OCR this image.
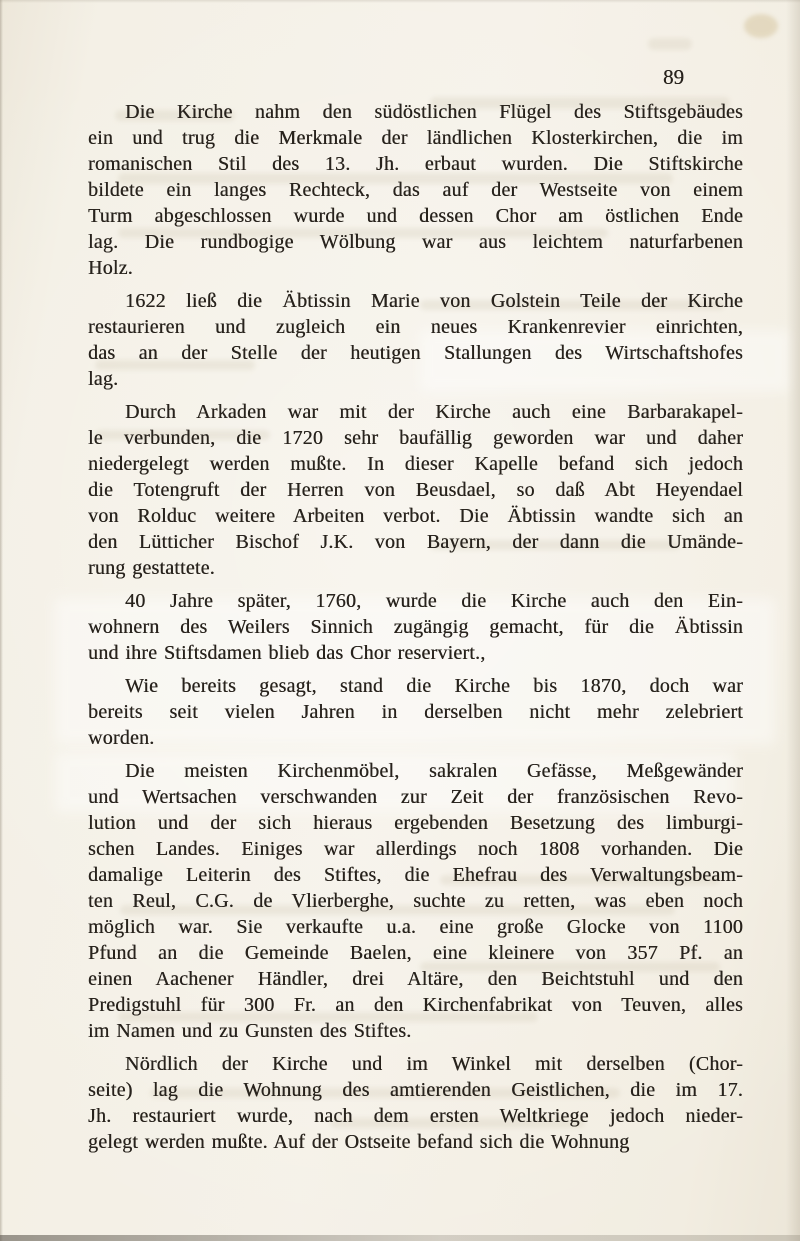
89
Die Kirche nahm den südöstlichen Flügel des Stiftsgebäudes
ein und trug die Merkmale der ländlichen Klosterkirchen, die im
romanischen Stil des 13. Jh. erbaut wurden. Die Stiftskirche
bildete ein langes Rechteck, das auf der Westseite von einem
Turm abgeschlossen wurde und dessen Chor am östlichen Ende
lag. Die rundbogige Wölbung war aus leichtem naturfarbenen
Holz.
1622 ließ die Äbtissin Marie von Golstein Teile der Kirche
restaurieren und zugleich ein neues Krankenrevier einrichten,
das an der Stelle der heutigen Stallungen des Wirtschaftshofes
lag.
Durch Arkaden war mit der Kirche auch eine Barbarakapel-
le verbunden, die 1720 sehr baufällig geworden war und daher
niedergelegt werden mußte. In dieser Kapelle befand sich jedoch
die Totengruft der Herren von Beusdael, so daß Abt Heyendael
von Rolduc weitere Arbeiten verbot. Die Äbtissin wandte sich an
den Lütticher Bischof J.K. von Bayern, der dann die Umände-
rung gestattete.
40 Jahre später, 1760, wurde die Kirche auch den Ein-
wohnern des Weilers Sinnich zugängig gemacht, für die Äbtissin
und ihre Stiftsdamen blieb das Chor reserviert.,
Wie bereits gesagt, stand die Kirche bis 1870, doch war
bereits seit vielen Jahren in derselben nicht mehr zelebriert
worden.
Die meisten Kirchenmöbel, sakralen Gefässe, Meßgewänder
und Wertsachen verschwanden zur Zeit der französischen Revo-
lution und der sich hieraus ergebenden Besetzung des limburgi-
schen Landes. Einiges war allerdings noch 1808 vorhanden. Die
damalige Leiterin des Stiftes, die Ehefrau des Verwaltungsbeam-
ten Reul, C.G. de Vlierberghe, suchte zu retten, was eben noch
möglich war. Sie verkaufte u.a. eine große Glocke von 1100
Pfund an die Gemeinde Baelen, eine kleinere von 357 Pf. an
einen Aachener Händler, drei Altäre, den Beichtstuhl und den
Predigstuhl für 300 Fr. an den Kirchenfabrikat von Teuven, alles
im Namen und zu Gunsten des Stiftes.
Nördlich der Kirche und im Winkel mit derselben (Chor-
seite) lag die Wohnung des amtierenden Geistlichen, die im 17.
Jh. restauriert wurde, nach dem ersten Weltkriege jedoch nieder-
gelegt werden mußte. Auf der Ostseite befand sich die Wohnung
